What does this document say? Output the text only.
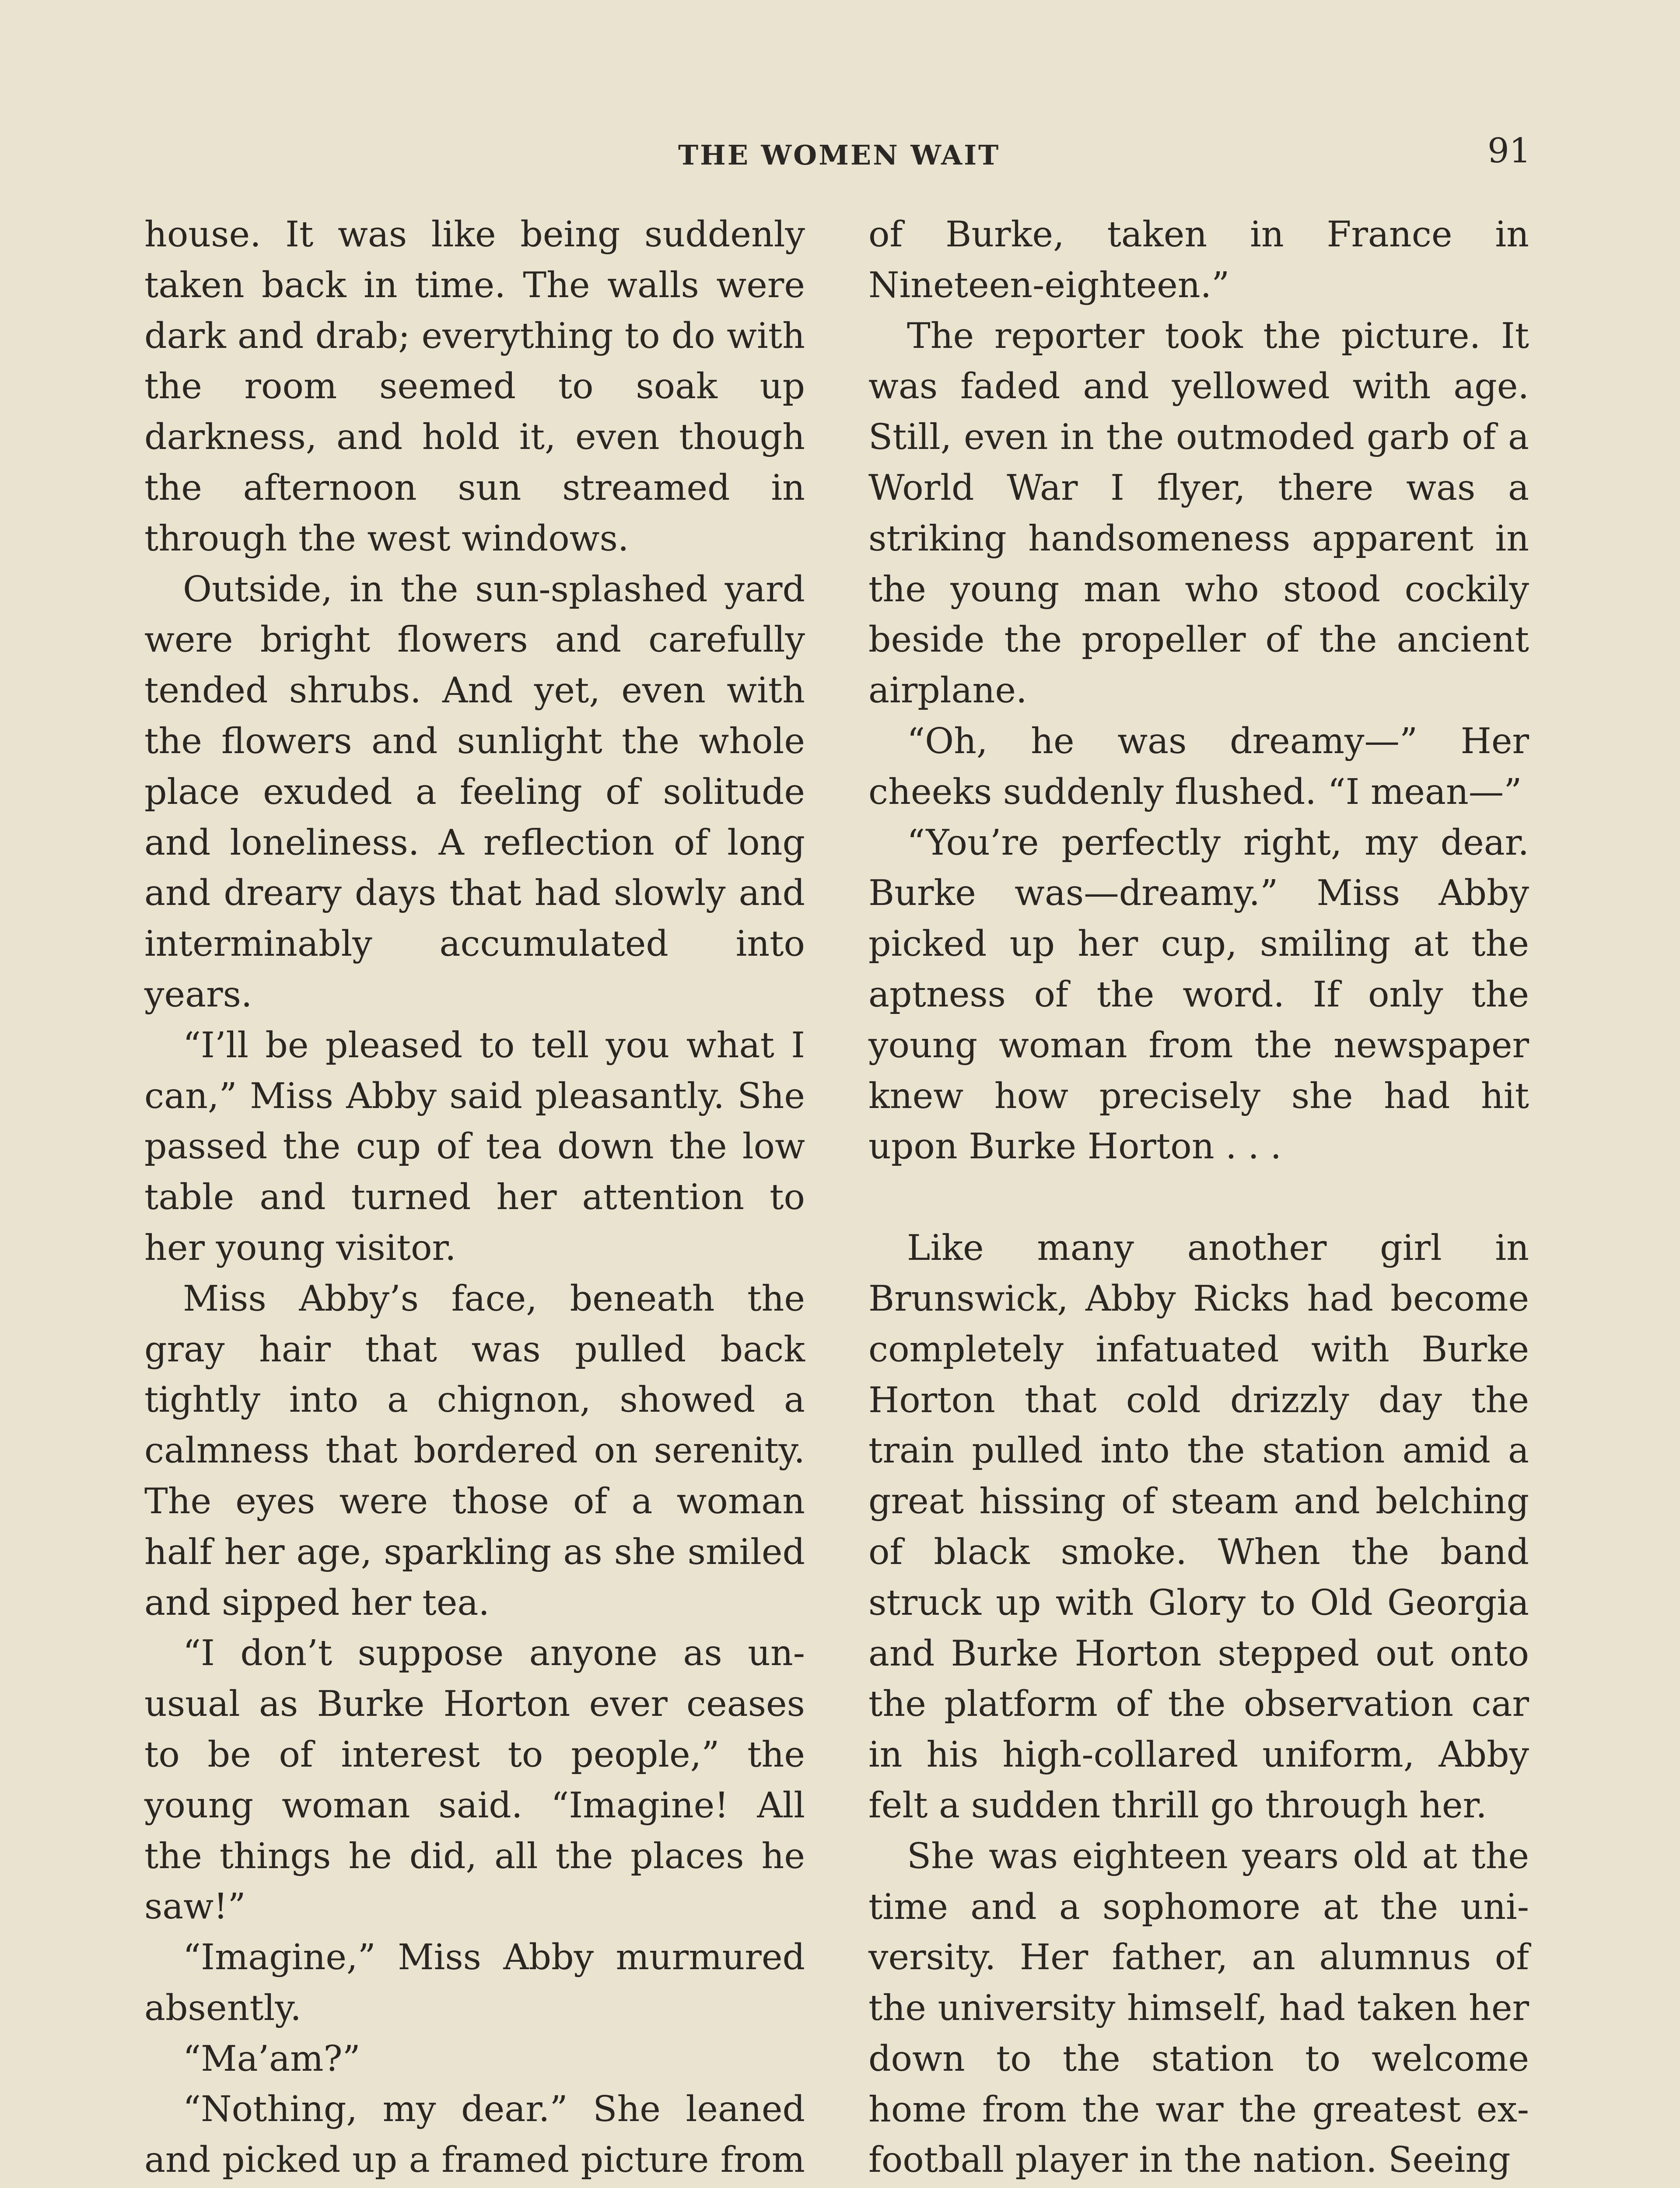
THE WOMEN WAIT	91

house. It was like being suddenly taken back in time. The walls were dark and drab; everything to do with the room seemed to soak up darkness, and hold it, even though the afternoon sun streamed in through the west windows.

Outside, in the sun-splashed yard were bright flowers and carefully tended shrubs. And yet, even with the flowers and sunlight the whole place exuded a feeling of solitude and loneliness. A reflection of long and dreary days that had slowly and interminably accumulated into years.

“I’ll be pleased to tell you what I can,” Miss Abby said pleasantly. She passed the cup of tea down the low table and turned her attention to her young visitor.

Miss Abby’s face, beneath the gray hair that was pulled back tightly into a chignon, showed a calmness that bordered on serenity. The eyes were those of a woman half her age, sparkling as she smiled and sipped her tea.

“I don’t suppose anyone as unusual as Burke Horton ever ceases to be of interest to people,” the young woman said. “Imagine! All the things he did, all the places he saw!”

“Imagine,” Miss Abby murmured absently.

“Ma’am?”

“Nothing, my dear.” She leaned and picked up a framed picture from

of Burke, taken in France in Nineteen-eighteen.”

The reporter took the picture. It was faded and yellowed with age. Still, even in the outmoded garb of a World War I flyer, there was a striking handsomeness apparent in the young man who stood cockily beside the propeller of the ancient airplane.

“Oh, he was dreamy—” Her cheeks suddenly flushed. “I mean—”

“You’re perfectly right, my dear. Burke was—dreamy.” Miss Abby picked up her cup, smiling at the aptness of the word. If only the young woman from the newspaper knew how precisely she had hit upon Burke Horton . . .

Like many another girl in Brunswick, Abby Ricks had become completely infatuated with Burke Horton that cold drizzly day the train pulled into the station amid a great hissing of steam and belching of black smoke. When the band struck up with Glory to Old Georgia and Burke Horton stepped out onto the platform of the observation car in his high-collared uniform, Abby felt a sudden thrill go through her.

She was eighteen years old at the time and a sophomore at the university. Her father, an alumnus of the university himself, had taken her down to the station to welcome home from the war the greatest exfootball player in the nation. Seeing
